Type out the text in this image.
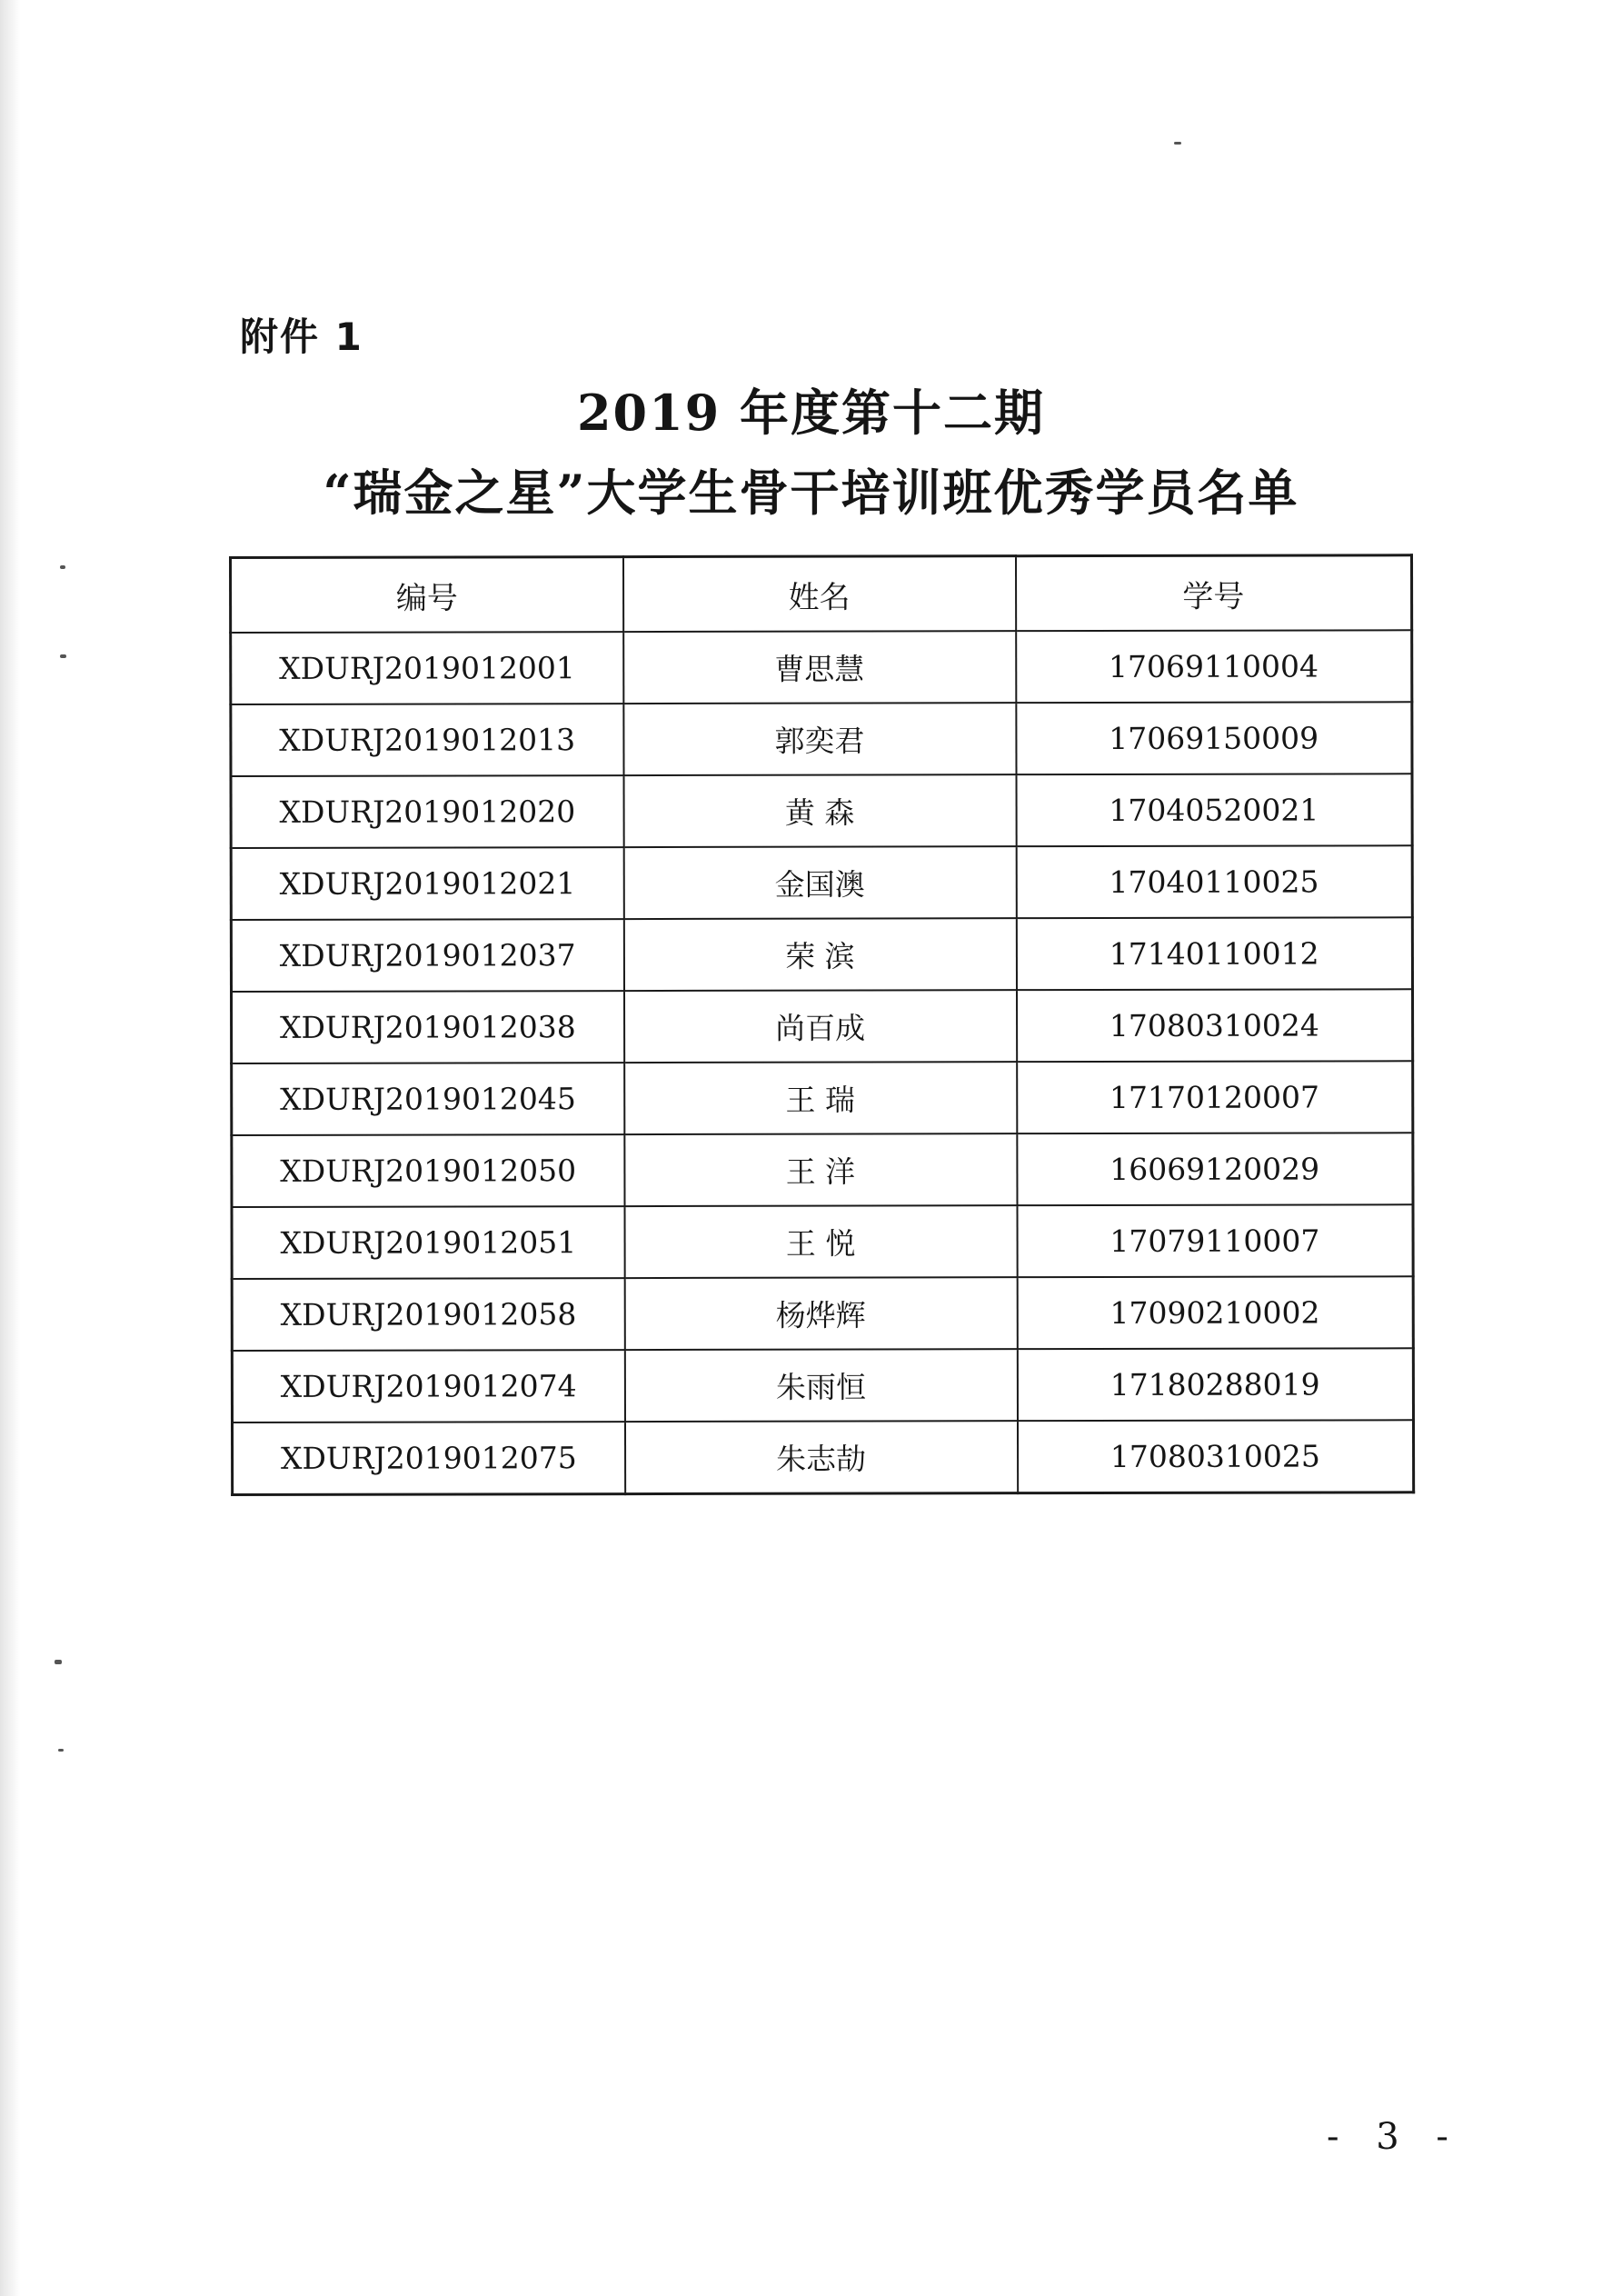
附件 1
2019 年度第十二期
“瑞金之星”大学生骨干培训班优秀学员名单
编号	姓名	学号
XDURJ2019012001	曹思慧	17069110004
XDURJ2019012013	郭奕君	17069150009
XDURJ2019012020	黄 森	17040520021
XDURJ2019012021	金国澳	17040110025
XDURJ2019012037	荣 滨	17140110012
XDURJ2019012038	尚百成	17080310024
XDURJ2019012045	王 瑞	17170120007
XDURJ2019012050	王 洋	16069120029
XDURJ2019012051	王 悦	17079110007
XDURJ2019012058	杨烨辉	17090210002
XDURJ2019012074	朱雨恒	17180288019
XDURJ2019012075	朱志劼	17080310025
- 3 -
